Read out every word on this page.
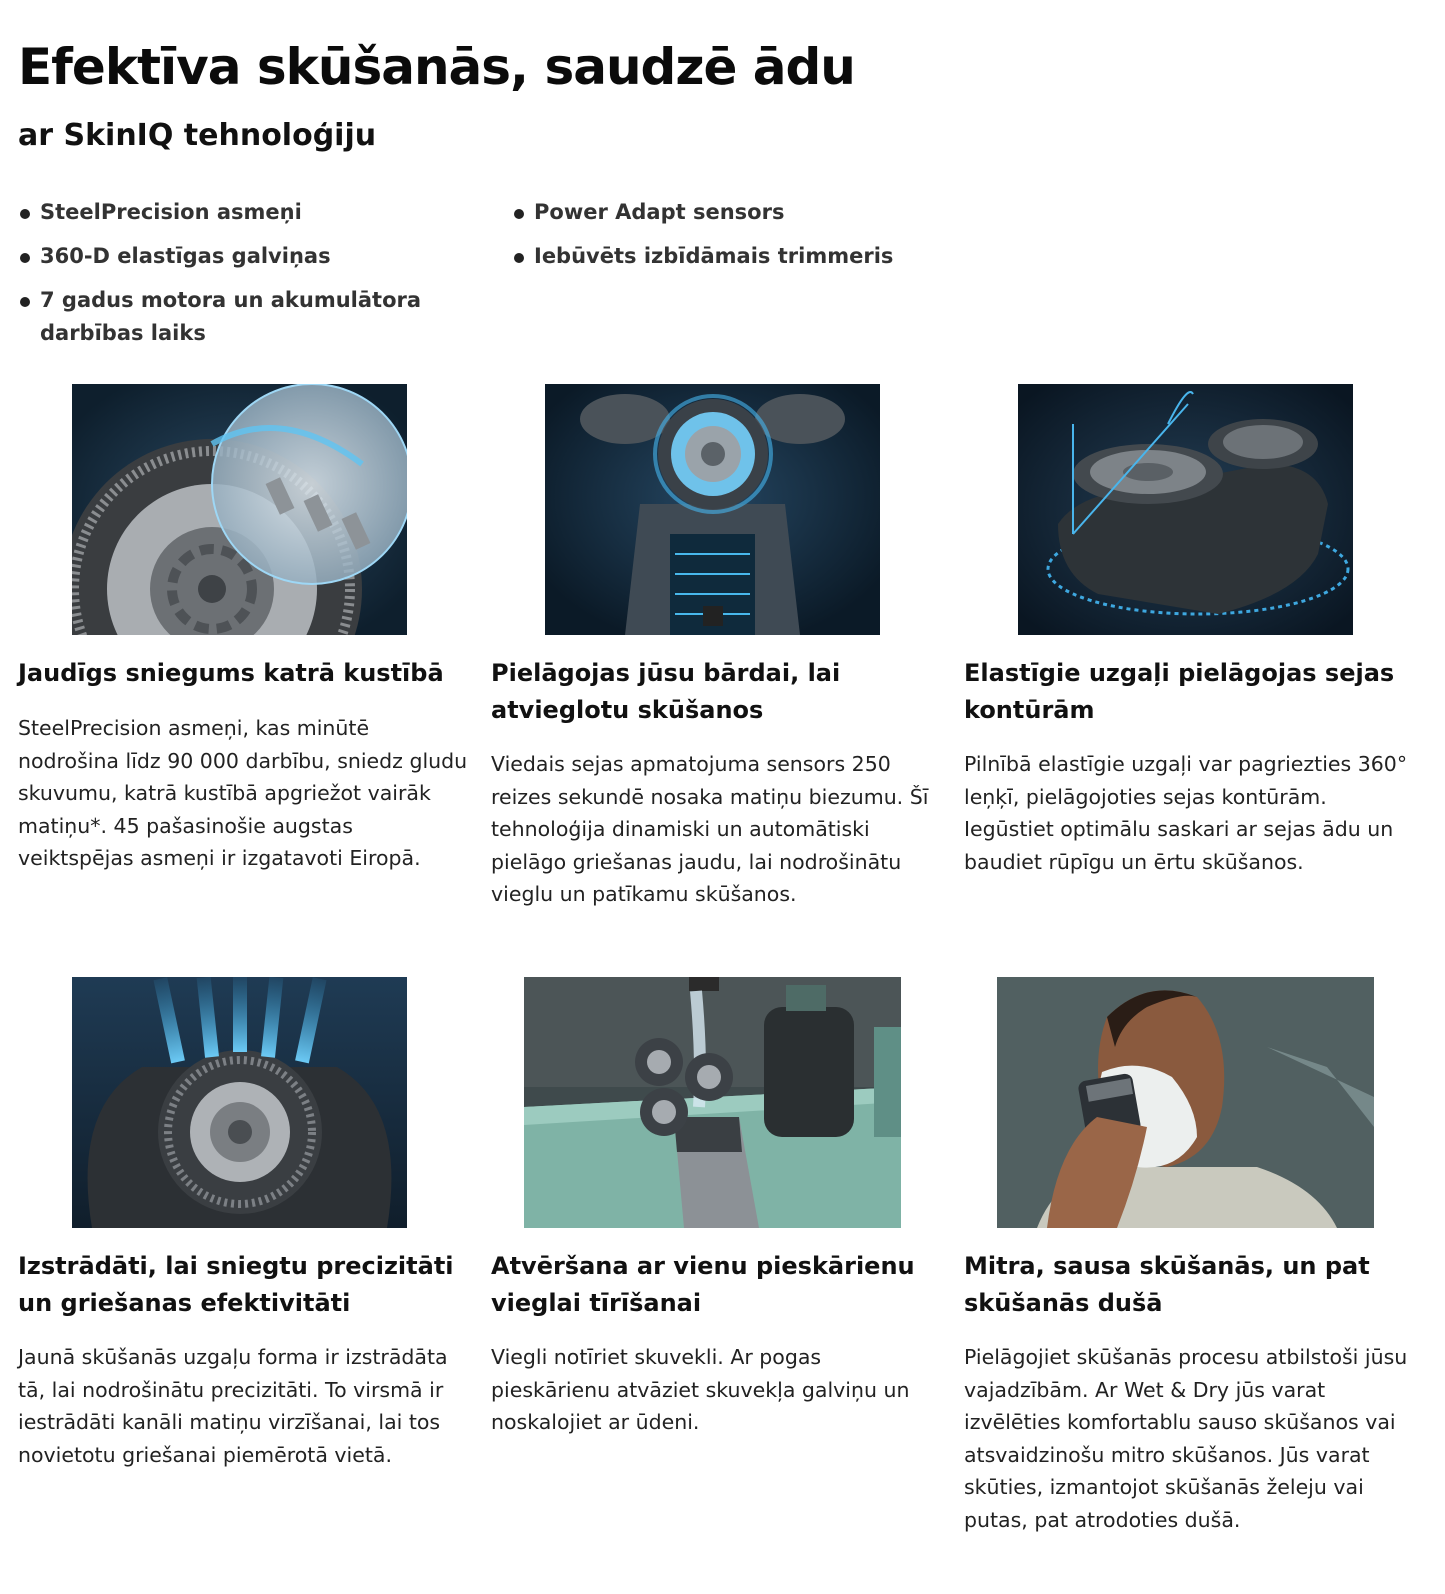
Efektīva skūšanās, saudzē ādu
ar SkinIQ tehnoloģiju
SteelPrecision asmeņi
360-D elastīgas galviņas
7 gadus motora un akumulātora darbības laiks
Power Adapt sensors
Iebūvēts izbīdāmais trimmeris
Jaudīgs sniegums katrā kustībā

SteelPrecision asmeņi, kas minūtē nodrošina līdz 90 000 darbību, sniedz gludu skuvumu, katrā kustībā apgriežot vairāk matiņu*. 45 pašasinošie augstas veiktspējas asmeņi ir izgatavoti Eiropā.

Pielāgojas jūsu bārdai, lai atvieglotu skūšanos

Viedais sejas apmatojuma sensors 250 reizes sekundē nosaka matiņu biezumu. Šī tehnoloģija dinamiski un automātiski pielāgo griešanas jaudu, lai nodrošinātu vieglu un patīkamu skūšanos.

Elastīgie uzgaļi pielāgojas sejas kontūrām

Pilnībā elastīgie uzgaļi var pagriezties 360° leņķī, pielāgojoties sejas kontūrām. Iegūstiet optimālu saskari ar sejas ādu un baudiet rūpīgu un ērtu skūšanos.

Izstrādāti, lai sniegtu precizitāti un griešanas efektivitāti

Jaunā skūšanās uzgaļu forma ir izstrādāta tā, lai nodrošinātu precizitāti. To virsmā ir iestrādāti kanāli matiņu virzīšanai, lai tos novietotu griešanai piemērotā vietā.

Atvēršana ar vienu pieskārienu vieglai tīrīšanai

Viegli notīriet skuvekli. Ar pogas pieskārienu atvāziet skuvekļa galviņu un noskalojiet ar ūdeni.

Mitra, sausa skūšanās, un pat skūšanās dušā

Pielāgojiet skūšanās procesu atbilstoši jūsu vajadzībām. Ar Wet & Dry jūs varat izvēlēties komfortablu sauso skūšanos vai atsvaidzinošu mitro skūšanos. Jūs varat skūties, izmantojot skūšanās želeju vai putas, pat atrodoties dušā.
